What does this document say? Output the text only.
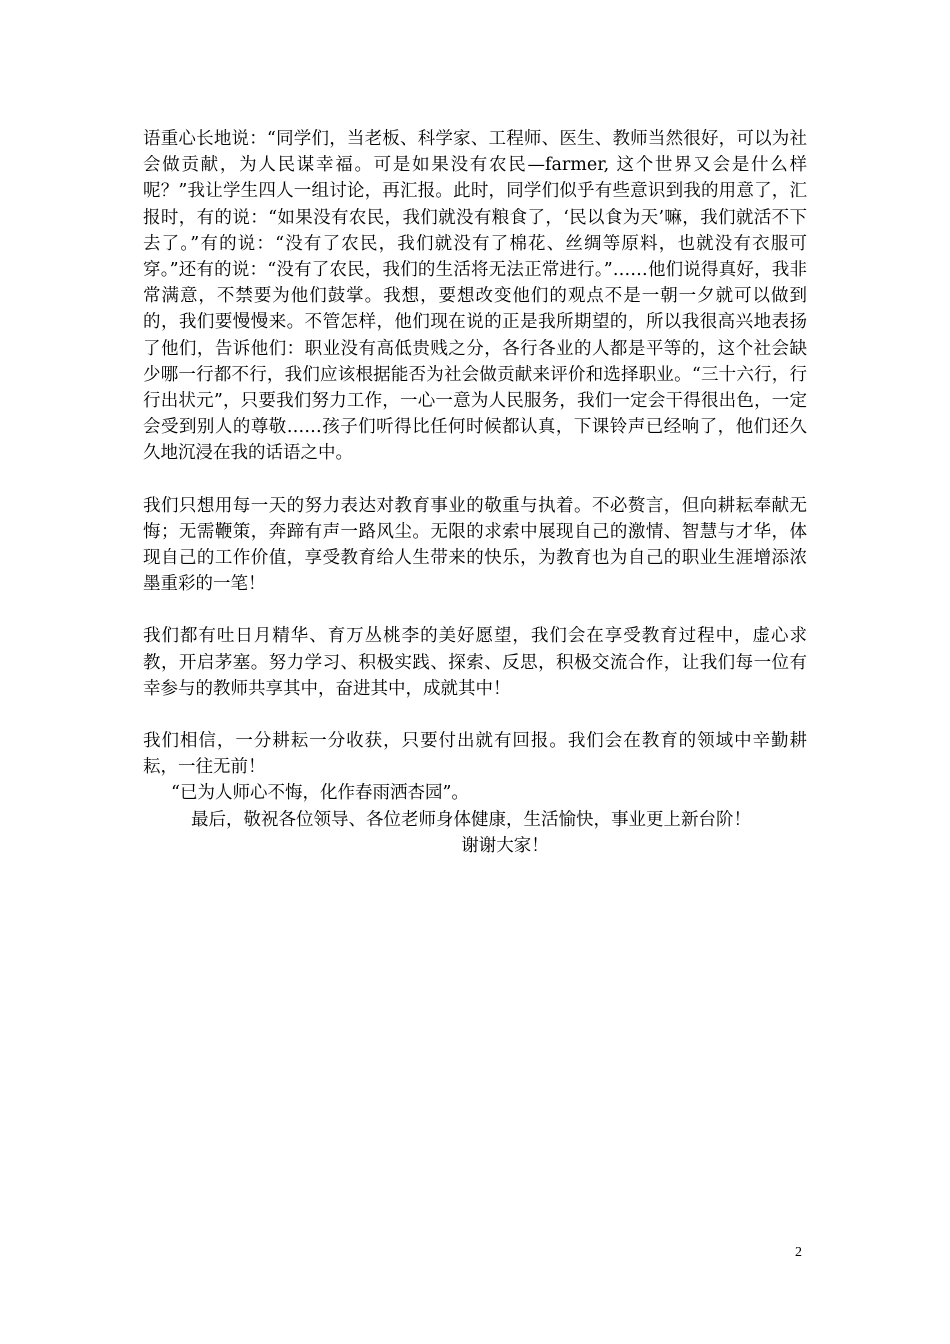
语重心长地说：“同学们，当老板、科学家、工程师、医生、教师当然很好，可以为社会做贡献，为人民谋幸福。可是如果没有农民—farmer, 这个世界又会是什么样呢？”我让学生四人一组讨论，再汇报。此时，同学们似乎有些意识到我的用意了，汇报时，有的说：“如果没有农民，我们就没有粮食了，‘民以食为天’嘛，我们就活不下去了。”有的说：“没有了农民，我们就没有了棉花、丝绸等原料，也就没有衣服可穿。”还有的说：“没有了农民，我们的生活将无法正常进行。”……他们说得真好，我非常满意，不禁要为他们鼓掌。我想，要想改变他们的观点不是一朝一夕就可以做到的，我们要慢慢来。不管怎样，他们现在说的正是我所期望的，所以我很高兴地表扬了他们，告诉他们：职业没有高低贵贱之分，各行各业的人都是平等的，这个社会缺少哪一行都不行，我们应该根据能否为社会做贡献来评价和选择职业。“三十六行，行行出状元”，只要我们努力工作，一心一意为人民服务，我们一定会干得很出色，一定会受到别人的尊敬……孩子们听得比任何时候都认真，下课铃声已经响了，他们还久久地沉浸在我的话语之中。

我们只想用每一天的努力表达对教育事业的敬重与执着。不必赘言，但向耕耘奉献无悔；无需鞭策，奔蹄有声一路风尘。无限的求索中展现自己的激情、智慧与才华，体现自己的工作价值，享受教育给人生带来的快乐，为教育也为自己的职业生涯增添浓墨重彩的一笔！

我们都有吐日月精华、育万丛桃李的美好愿望，我们会在享受教育过程中，虚心求教，开启茅塞。努力学习、积极实践、探索、反思，积极交流合作，让我们每一位有幸参与的教师共享其中，奋进其中，成就其中！

我们相信，一分耕耘一分收获，只要付出就有回报。我们会在教育的领域中辛勤耕耘，一往无前！

“已为人师心不悔，化作春雨洒杏园”。

最后，敬祝各位领导、各位老师身体健康，生活愉快，事业更上新台阶！

谢谢大家！

2
